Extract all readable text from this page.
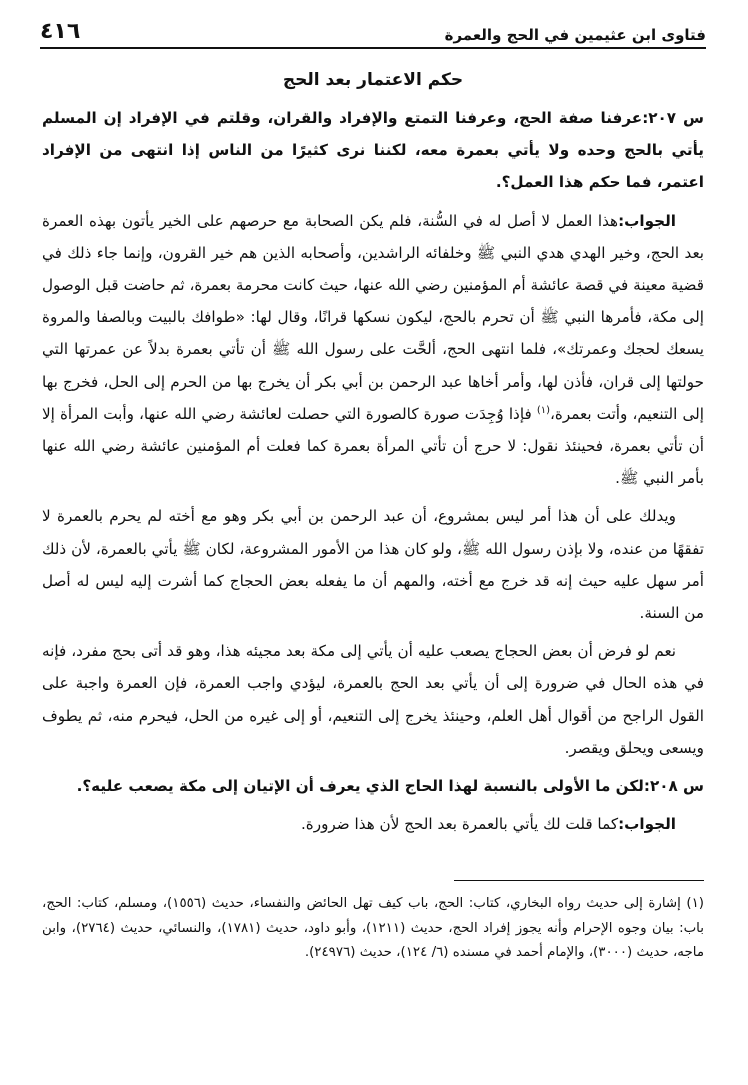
فتاوى ابن عثيمين في الحج والعمرة
٤١٦
حكم الاعتمار بعد الحج

س ٢٠٧:عرفنا صفة الحج، وعرفنا التمتع والإفراد والقران، وقلتم في الإفراد إن المسلم يأتي بالحج وحده ولا يأتي بعمرة معه، لكننا نرى كثيرًا من الناس إذا انتهى من الإفراد اعتمر، فما حكم هذا العمل؟.

الجواب:هذا العمل لا أصل له في السُّنة، فلم يكن الصحابة مع حرصهم على الخير يأتون بهذه العمرة بعد الحج، وخير الهدي هدي النبي ﷺ وخلفائه الراشدين، وأصحابه الذين هم خير القرون، وإنما جاء ذلك في قضية معينة في قصة عائشة أم المؤمنين رضي الله عنها، حيث كانت محرمة بعمرة، ثم حاضت قبل الوصول إلى مكة، فأمرها النبي ﷺ أن تحرم بالحج، ليكون نسكها قرانًا، وقال لها: «طوافك بالبيت وبالصفا والمروة يسعك لحجك وعمرتك»، فلما انتهى الحج، ألحَّت على رسول الله ﷺ أن تأتي بعمرة بدلاً عن عمرتها التي حولتها إلى قران، فأذن لها، وأمر أخاها عبد الرحمن بن أبي بكر أن يخرج بها من الحرم إلى الحل، فخرج بها إلى التنعيم، وأتت بعمرة،$^{(١)}$ فإذا وُجِدَت صورة كالصورة التي حصلت لعائشة رضي الله عنها، وأبت المرأة إلا أن تأتي بعمرة، فحينئذ نقول: لا حرج أن تأتي المرأة بعمرة كما فعلت أم المؤمنين عائشة رضي الله عنها بأمر النبي ﷺ.

ويدلك على أن هذا أمر ليس بمشروع، أن عبد الرحمن بن أبي بكر وهو مع أخته لم يحرم بالعمرة لا تفقهًا من عنده، ولا بإذن رسول الله ﷺ، ولو كان هذا من الأمور المشروعة، لكان ﷺ يأتي بالعمرة، لأن ذلك أمر سهل عليه حيث إنه قد خرج مع أخته، والمهم أن ما يفعله بعض الحجاج كما أشرت إليه ليس له أصل من السنة.

نعم لو فرض أن بعض الحجاج يصعب عليه أن يأتي إلى مكة بعد مجيئه هذا، وهو قد أتى بحج مفرد، فإنه في هذه الحال في ضرورة إلى أن يأتي بعد الحج بالعمرة، ليؤدي واجب العمرة، فإن العمرة واجبة على القول الراجح من أقوال أهل العلم، وحينئذ يخرج إلى التنعيم، أو إلى غيره من الحل، فيحرم منه، ثم يطوف ويسعى ويحلق ويقصر.

س ٢٠٨:لكن ما الأولى بالنسبة لهذا الحاج الذي يعرف أن الإتيان إلى مكة يصعب عليه؟.

الجواب:كما قلت لك يأتي بالعمرة بعد الحج لأن هذا ضرورة.

(١) إشارة إلى حديث رواه البخاري، كتاب: الحج، باب كيف تهل الحائض والنفساء، حديث (١٥٥٦)، ومسلم، كتاب: الحج، باب: بيان وجوه الإحرام وأنه يجوز إفراد الحج، حديث (١٢١١)، وأبو داود، حديث (١٧٨١)، والنسائي، حديث (٢٧٦٤)، وابن ماجه، حديث (٣٠٠٠)، والإمام أحمد في مسنده (٦/ ١٢٤)، حديث (٢٤٩٧٦).
